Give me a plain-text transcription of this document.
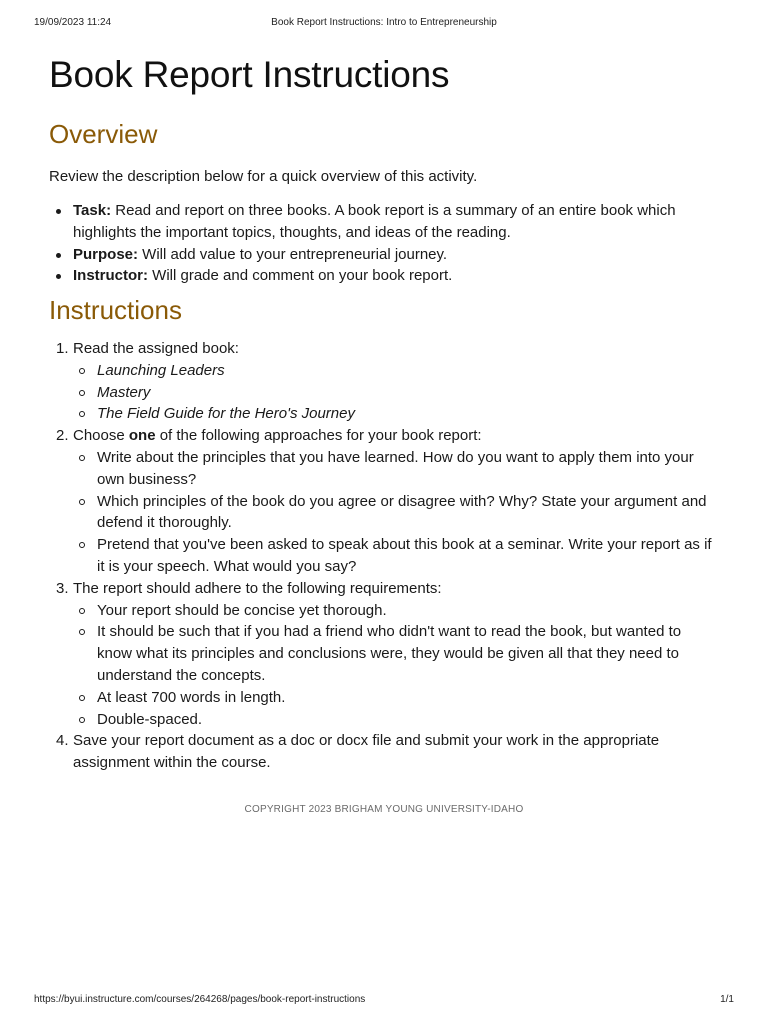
19/09/2023 11:24	Book Report Instructions: Intro to Entrepreneurship
Book Report Instructions
Overview

Review the description below for a quick overview of this activity.

Task: Read and report on three books. A book report is a summary of an entire book which highlights the important topics, thoughts, and ideas of the reading.
Purpose: Will add value to your entrepreneurial journey.
Instructor: Will grade and comment on your book report.
Instructions
1. Read the assigned book:
Launching Leaders
Mastery
The Field Guide for the Hero's Journey
2. Choose one of the following approaches for your book report:
Write about the principles that you have learned. How do you want to apply them into your own business?
Which principles of the book do you agree or disagree with? Why? State your argument and defend it thoroughly.
Pretend that you've been asked to speak about this book at a seminar. Write your report as if it is your speech. What would you say?
3. The report should adhere to the following requirements:
Your report should be concise yet thorough.
It should be such that if you had a friend who didn't want to read the book, but wanted to know what its principles and conclusions were, they would be given all that they need to understand the concepts.
At least 700 words in length.
Double-spaced.
4. Save your report document as a doc or docx file and submit your work in the appropriate assignment within the course.
COPYRIGHT 2023 BRIGHAM YOUNG UNIVERSITY-IDAHO
https://byui.instructure.com/courses/264268/pages/book-report-instructions	1/1
